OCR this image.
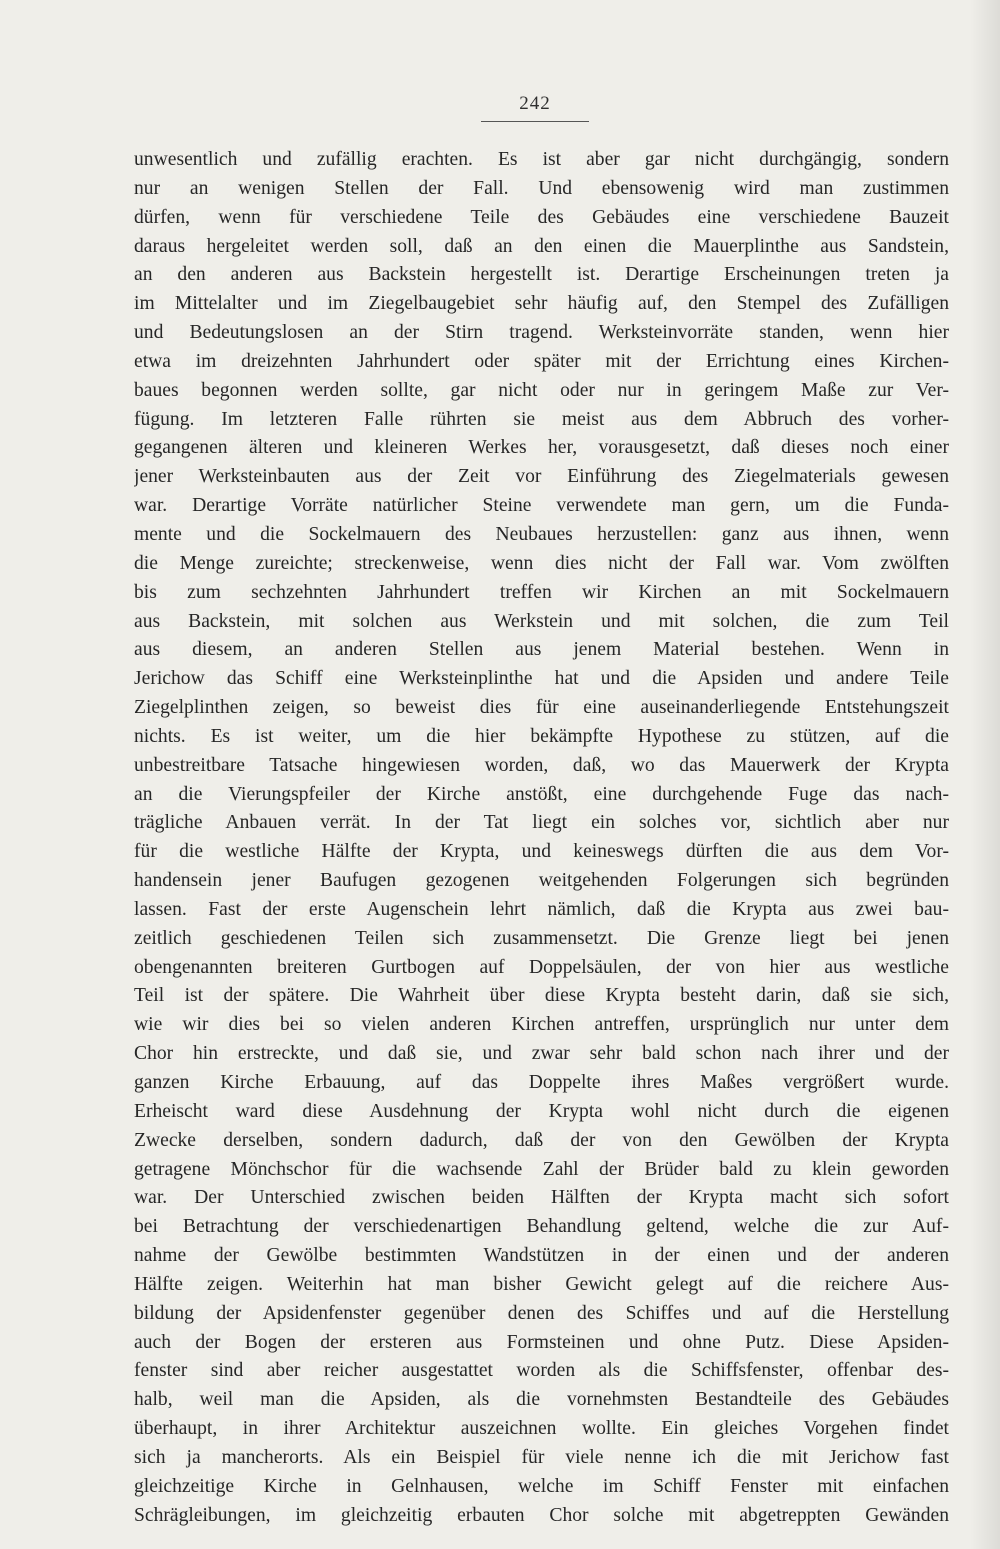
242
unwesentlich und zufällig erachten. Es ist aber gar nicht durchgängig, sondern
nur an wenigen Stellen der Fall. Und ebensowenig wird man zustimmen
dürfen, wenn für verschiedene Teile des Gebäudes eine verschiedene Bauzeit
daraus hergeleitet werden soll, daß an den einen die Mauerplinthe aus Sandstein,
an den anderen aus Backstein hergestellt ist. Derartige Erscheinungen treten ja
im Mittelalter und im Ziegelbaugebiet sehr häufig auf, den Stempel des Zufälligen
und Bedeutungslosen an der Stirn tragend. Werksteinvorräte standen, wenn hier
etwa im dreizehnten Jahrhundert oder später mit der Errichtung eines Kirchen-
baues begonnen werden sollte, gar nicht oder nur in geringem Maße zur Ver-
fügung. Im letzteren Falle rührten sie meist aus dem Abbruch des vorher-
gegangenen älteren und kleineren Werkes her, vorausgesetzt, daß dieses noch einer
jener Werksteinbauten aus der Zeit vor Einführung des Ziegelmaterials gewesen
war. Derartige Vorräte natürlicher Steine verwendete man gern, um die Funda-
mente und die Sockelmauern des Neubaues herzustellen: ganz aus ihnen, wenn
die Menge zureichte; streckenweise, wenn dies nicht der Fall war. Vom zwölften
bis zum sechzehnten Jahrhundert treffen wir Kirchen an mit Sockelmauern
aus Backstein, mit solchen aus Werkstein und mit solchen, die zum Teil
aus diesem, an anderen Stellen aus jenem Material bestehen. Wenn in
Jerichow das Schiff eine Werksteinplinthe hat und die Apsiden und andere Teile
Ziegelplinthen zeigen, so beweist dies für eine auseinanderliegende Entstehungszeit
nichts. Es ist weiter, um die hier bekämpfte Hypothese zu stützen, auf die
unbestreitbare Tatsache hingewiesen worden, daß, wo das Mauerwerk der Krypta
an die Vierungspfeiler der Kirche anstößt, eine durchgehende Fuge das nach-
trägliche Anbauen verrät. In der Tat liegt ein solches vor, sichtlich aber nur
für die westliche Hälfte der Krypta, und keineswegs dürften die aus dem Vor-
handensein jener Baufugen gezogenen weitgehenden Folgerungen sich begründen
lassen. Fast der erste Augenschein lehrt nämlich, daß die Krypta aus zwei bau-
zeitlich geschiedenen Teilen sich zusammensetzt. Die Grenze liegt bei jenen
obengenannten breiteren Gurtbogen auf Doppelsäulen, der von hier aus westliche
Teil ist der spätere. Die Wahrheit über diese Krypta besteht darin, daß sie sich,
wie wir dies bei so vielen anderen Kirchen antreffen, ursprünglich nur unter dem
Chor hin erstreckte, und daß sie, und zwar sehr bald schon nach ihrer und der
ganzen Kirche Erbauung, auf das Doppelte ihres Maßes vergrößert wurde.
Erheischt ward diese Ausdehnung der Krypta wohl nicht durch die eigenen
Zwecke derselben, sondern dadurch, daß der von den Gewölben der Krypta
getragene Mönchschor für die wachsende Zahl der Brüder bald zu klein geworden
war. Der Unterschied zwischen beiden Hälften der Krypta macht sich sofort
bei Betrachtung der verschiedenartigen Behandlung geltend, welche die zur Auf-
nahme der Gewölbe bestimmten Wandstützen in der einen und der anderen
Hälfte zeigen. Weiterhin hat man bisher Gewicht gelegt auf die reichere Aus-
bildung der Apsidenfenster gegenüber denen des Schiffes und auf die Herstellung
auch der Bogen der ersteren aus Formsteinen und ohne Putz. Diese Apsiden-
fenster sind aber reicher ausgestattet worden als die Schiffsfenster, offenbar des-
halb, weil man die Apsiden, als die vornehmsten Bestandteile des Gebäudes
überhaupt, in ihrer Architektur auszeichnen wollte. Ein gleiches Vorgehen findet
sich ja mancherorts. Als ein Beispiel für viele nenne ich die mit Jerichow fast
gleichzeitige Kirche in Gelnhausen, welche im Schiff Fenster mit einfachen
Schrägleibungen, im gleichzeitig erbauten Chor solche mit abgetreppten Gewänden
